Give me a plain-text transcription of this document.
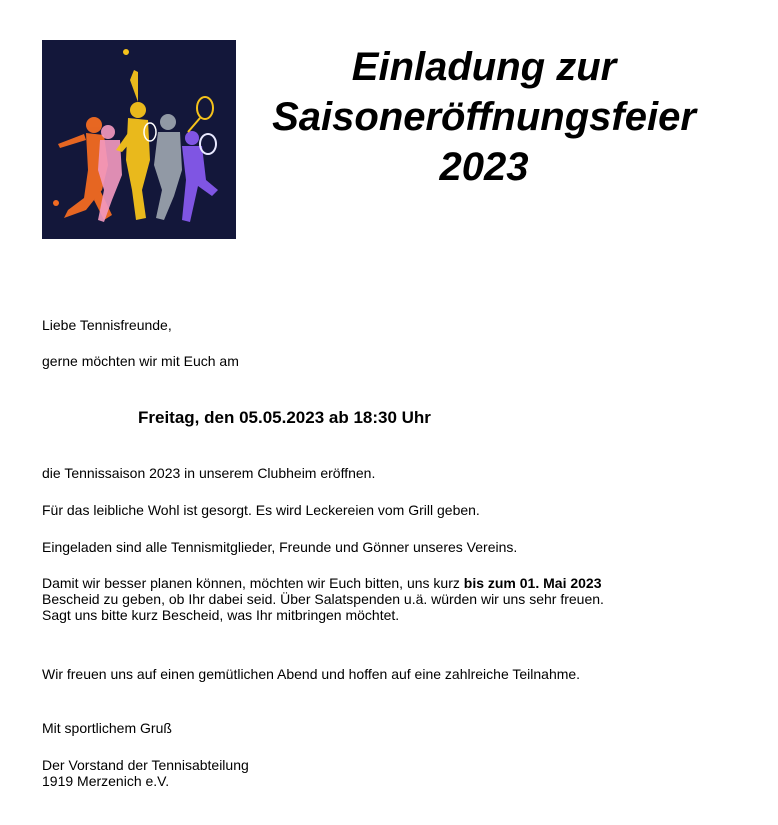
Einladung zur
Saisoneröffnungsfeier
2023

Liebe Tennisfreunde,

gerne möchten wir mit Euch am

Freitag, den 05.05.2023 ab 18:30 Uhr

die Tennissaison 2023 in unserem Clubheim eröffnen.

Für das leibliche Wohl ist gesorgt. Es wird Leckereien vom Grill geben.

Eingeladen sind alle Tennismitglieder, Freunde und Gönner unseres Vereins.

Damit wir besser planen können, möchten wir Euch bitten, uns kurz bis zum 01. Mai 2023
Bescheid zu geben, ob Ihr dabei seid. Über Salatspenden u.ä. würden wir uns sehr freuen.
Sagt uns bitte kurz Bescheid, was Ihr mitbringen möchtet.

Wir freuen uns auf einen gemütlichen Abend und hoffen auf eine zahlreiche Teilnahme.

Mit sportlichem Gruß

Der Vorstand der Tennisabteilung
1919 Merzenich e.V.
